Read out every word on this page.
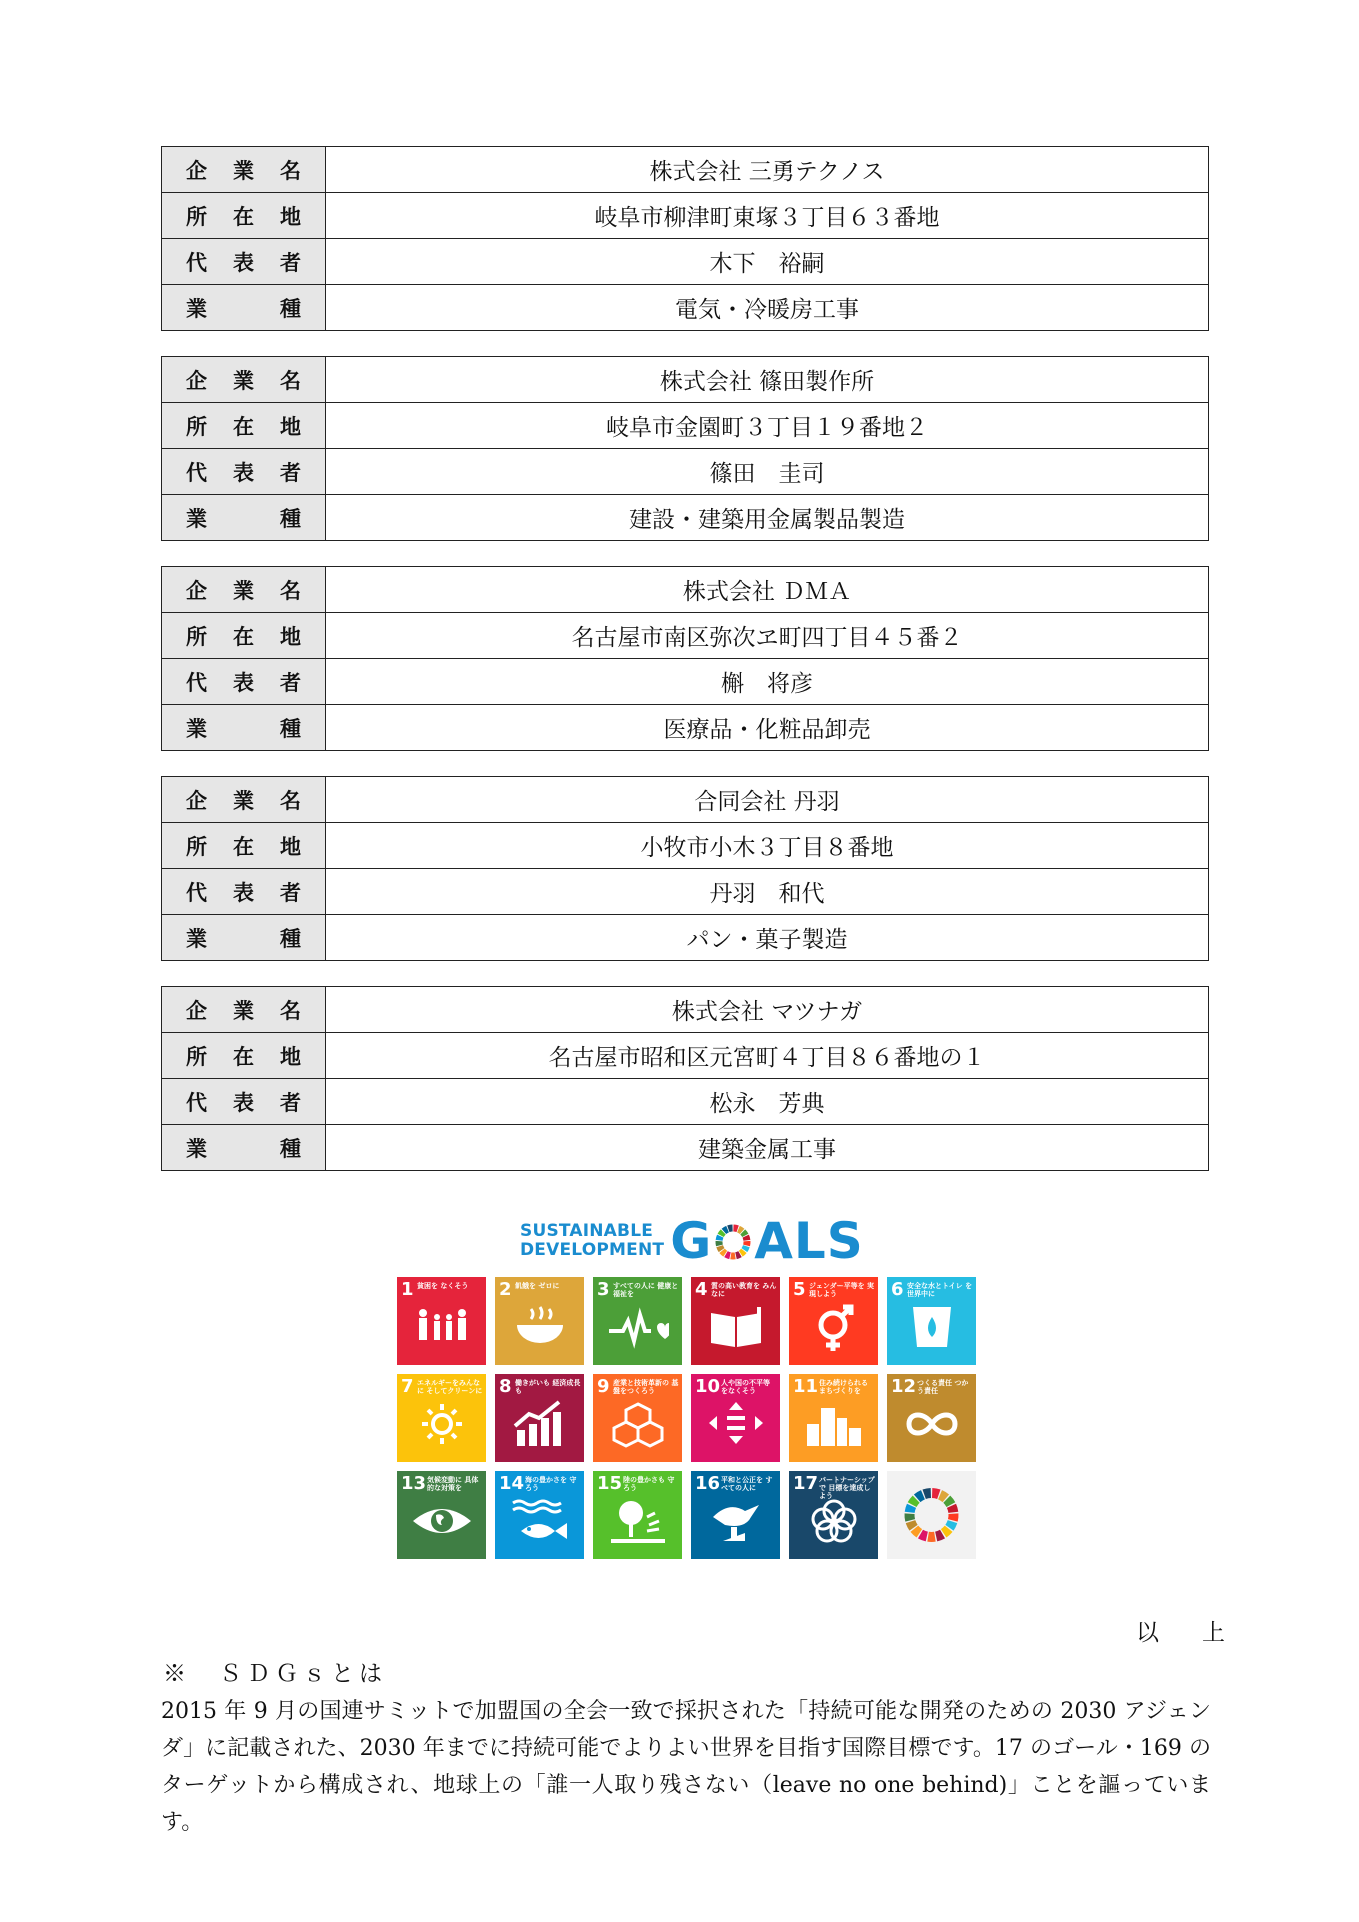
企 業 名	株式会社 三勇テクノス

所 在 地	岐阜市柳津町東塚３丁目６３番地

代 表 者	木下　裕嗣

業 種	電気・冷暖房工事
企 業 名	株式会社 篠田製作所

所 在 地	岐阜市金園町３丁目１９番地２

代 表 者	篠田　圭司

業 種	建設・建築用金属製品製造
企 業 名	株式会社 ＤＭＡ

所 在 地	名古屋市南区弥次ヱ町四丁目４５番２

代 表 者	槲　将彦

業 種	医療品・化粧品卸売
企 業 名	合同会社 丹羽

所 在 地	小牧市小木３丁目８番地

代 表 者	丹羽　和代

業 種	パン・菓子製造
企 業 名	株式会社 マツナガ

所 在 地	名古屋市昭和区元宮町４丁目８６番地の１

代 表 者	松永　芳典

業 種	建築金属工事
SUSTAINABLE
DEVELOPMENT G ALS
1 貧困を なくそう	2 飢餓を ゼロに	3 すべての人に 健康と福祉を	4 質の高い教育を みんなに	5 ジェンダー平等を 実現しよう	6 安全な水とトイレ を世界中に
7 エネルギーをみんなに そしてクリーンに 8 働きがいも 経済成長も	9 産業と技術革新の 基盤をつくろう	10 人や国の不平等 をなくそう	11 住み続けられる まちづくりを	12 つくる責任 つかう責任
13 気候変動に 具体的な対策を	14 海の豊かさを 守ろう	15 陸の豊かさも 守ろう	16 平和と公正を すべての人に	17 パートナーシップで 目標を達成しよう
以　上
※　ＳＤＧｓとは
2015 年 9 月の国連サミットで加盟国の全会一致で採択された「持続可能な開発のための 2030 アジェンダ」に記載された、2030 年までに持続可能でよりよい世界を目指す国際目標です。17 のゴール・169 のターゲットから構成され、地球上の「誰一人取り残さない（leave no one behind)」ことを謳っています。
